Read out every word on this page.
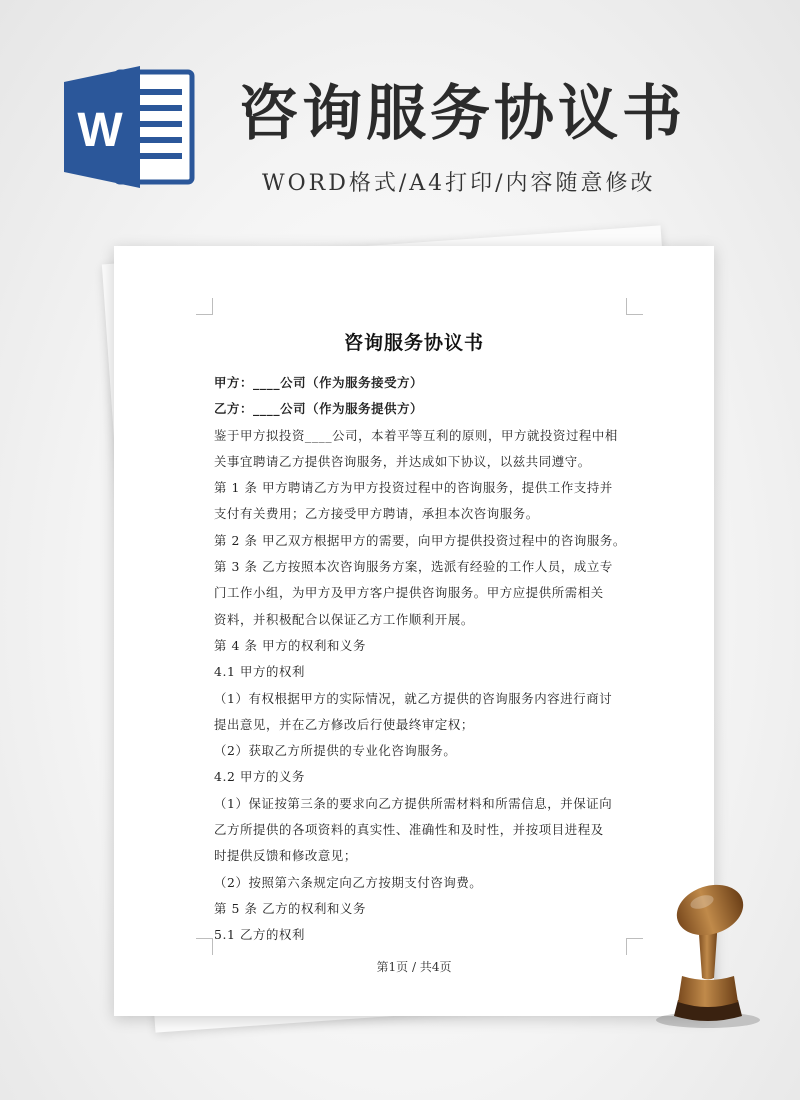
W 咨询服务协议书
WORD格式/A4打印/内容随意修改
咨询服务协议书

甲方：____公司（作为服务接受方）

乙方：____公司（作为服务提供方）

鉴于甲方拟投资____公司，本着平等互利的原则，甲方就投资过程中相

关事宜聘请乙方提供咨询服务，并达成如下协议，以兹共同遵守。

第 1 条 甲方聘请乙方为甲方投资过程中的咨询服务，提供工作支持并

支付有关费用；乙方接受甲方聘请，承担本次咨询服务。

第 2 条 甲乙双方根据甲方的需要，向甲方提供投资过程中的咨询服务。

第 3 条 乙方按照本次咨询服务方案，选派有经验的工作人员，成立专

门工作小组，为甲方及甲方客户提供咨询服务。甲方应提供所需相关

资料，并积极配合以保证乙方工作顺利开展。

第 4 条 甲方的权利和义务

4.1 甲方的权利

（1）有权根据甲方的实际情况，就乙方提供的咨询服务内容进行商讨

提出意见，并在乙方修改后行使最终审定权；

（2）获取乙方所提供的专业化咨询服务。

4.2 甲方的义务

（1）保证按第三条的要求向乙方提供所需材料和所需信息，并保证向

乙方所提供的各项资料的真实性、准确性和及时性，并按项目进程及

时提供反馈和修改意见；

（2）按照第六条规定向乙方按期支付咨询费。

第 5 条 乙方的权利和义务

5.1 乙方的权利

第1页 / 共4页
